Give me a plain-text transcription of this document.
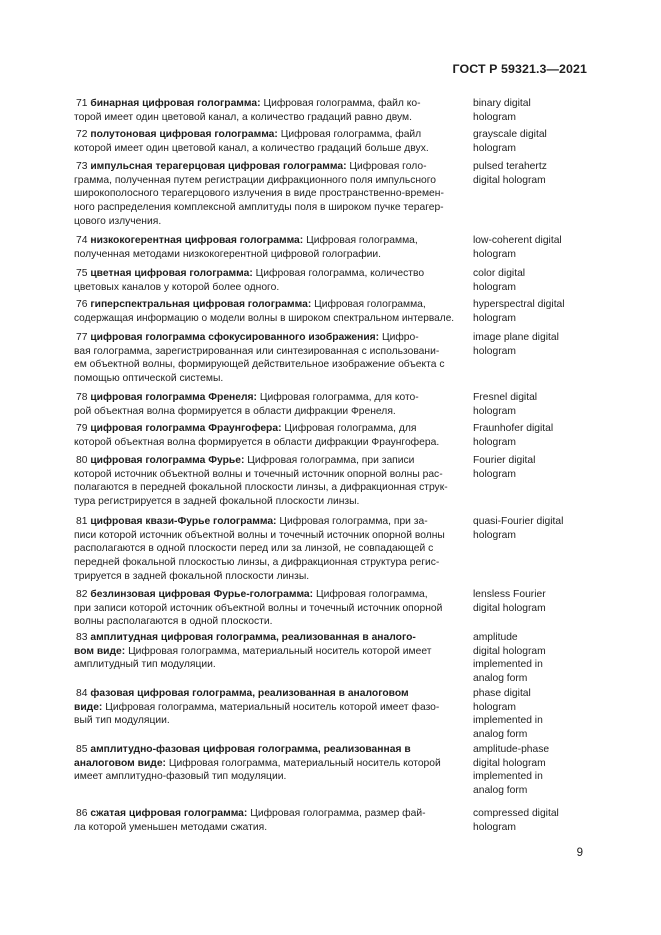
ГОСТ Р 59321.3—2021
71 бинарная цифровая голограмма: Цифровая голограмма, файл ко-
торой имеет один цветовой канал, а количество градаций равно двум.
binary digital
hologram
72 полутоновая цифровая голограмма: Цифровая голограмма, файл
которой имеет один цветовой канал, а количество градаций больше двух.
grayscale digital
hologram
73 импульсная терагерцовая цифровая голограмма: Цифровая голо-
грамма, полученная путем регистрации дифракционного поля импульсного
широкополосного терагерцового излучения в виде пространственно-времен-
ного распределения комплексной амплитуды поля в широком пучке терагер-
цового излучения.
pulsed terahertz
digital hologram
74 низкокогерентная цифровая голограмма: Цифровая голограмма,
полученная методами низкокогерентной цифровой голографии.
low-coherent digital
hologram
75 цветная цифровая голограмма: Цифровая голограмма, количество
цветовых каналов у которой более одного.
color digital
hologram
76 гиперспектральная цифровая голограмма: Цифровая голограмма,
содержащая информацию о модели волны в широком спектральном интервале.
hyperspectral digital
hologram
77 цифровая голограмма сфокусированного изображения: Цифро-
вая голограмма, зарегистрированная или синтезированная с использовани-
ем объектной волны, формирующей действительное изображение объекта с
помощью оптической системы.
image plane digital
hologram
78 цифровая голограмма Френеля: Цифровая голограмма, для кото-
рой объектная волна формируется в области дифракции Френеля.
Fresnel digital
hologram
79 цифровая голограмма Фраунгофера: Цифровая голограмма, для
которой объектная волна формируется в области дифракции Фраунгофера.
Fraunhofer digital
hologram
80 цифровая голограмма Фурье: Цифровая голограмма, при записи
которой источник объектной волны и точечный источник опорной волны рас-
полагаются в передней фокальной плоскости линзы, а дифракционная струк-
тура регистрируется в задней фокальной плоскости линзы.
Fourier digital
hologram
81 цифровая квази-Фурье голограмма: Цифровая голограмма, при за-
писи которой источник объектной волны и точечный источник опорной волны
располагаются в одной плоскости перед или за линзой, не совпадающей с
передней фокальной плоскостью линзы, а дифракционная структура регис-
трируется в задней фокальной плоскости линзы.
quasi-Fourier digital
hologram
82 безлинзовая цифровая Фурье-голограмма: Цифровая голограмма,
при записи которой источник объектной волны и точечный источник опорной
волны располагаются в одной плоскости.
lensless Fourier
digital hologram
83 амплитудная цифровая голограмма, реализованная в аналого-
вом виде: Цифровая голограмма, материальный носитель которой имеет
амплитудный тип модуляции.
amplitude
digital hologram
implemented in
analog form
84 фазовая цифровая голограмма, реализованная в аналоговом
виде: Цифровая голограмма, материальный носитель которой имеет фазо-
вый тип модуляции.
phase digital
hologram
implemented in
analog form
85 амплитудно-фазовая цифровая голограмма, реализованная в
аналоговом виде: Цифровая голограмма, материальный носитель которой
имеет амплитудно-фазовый тип модуляции.
amplitude-phase
digital hologram
implemented in
analog form
86 сжатая цифровая голограмма: Цифровая голограмма, размер фай-
ла которой уменьшен методами сжатия.
compressed digital
hologram
9
